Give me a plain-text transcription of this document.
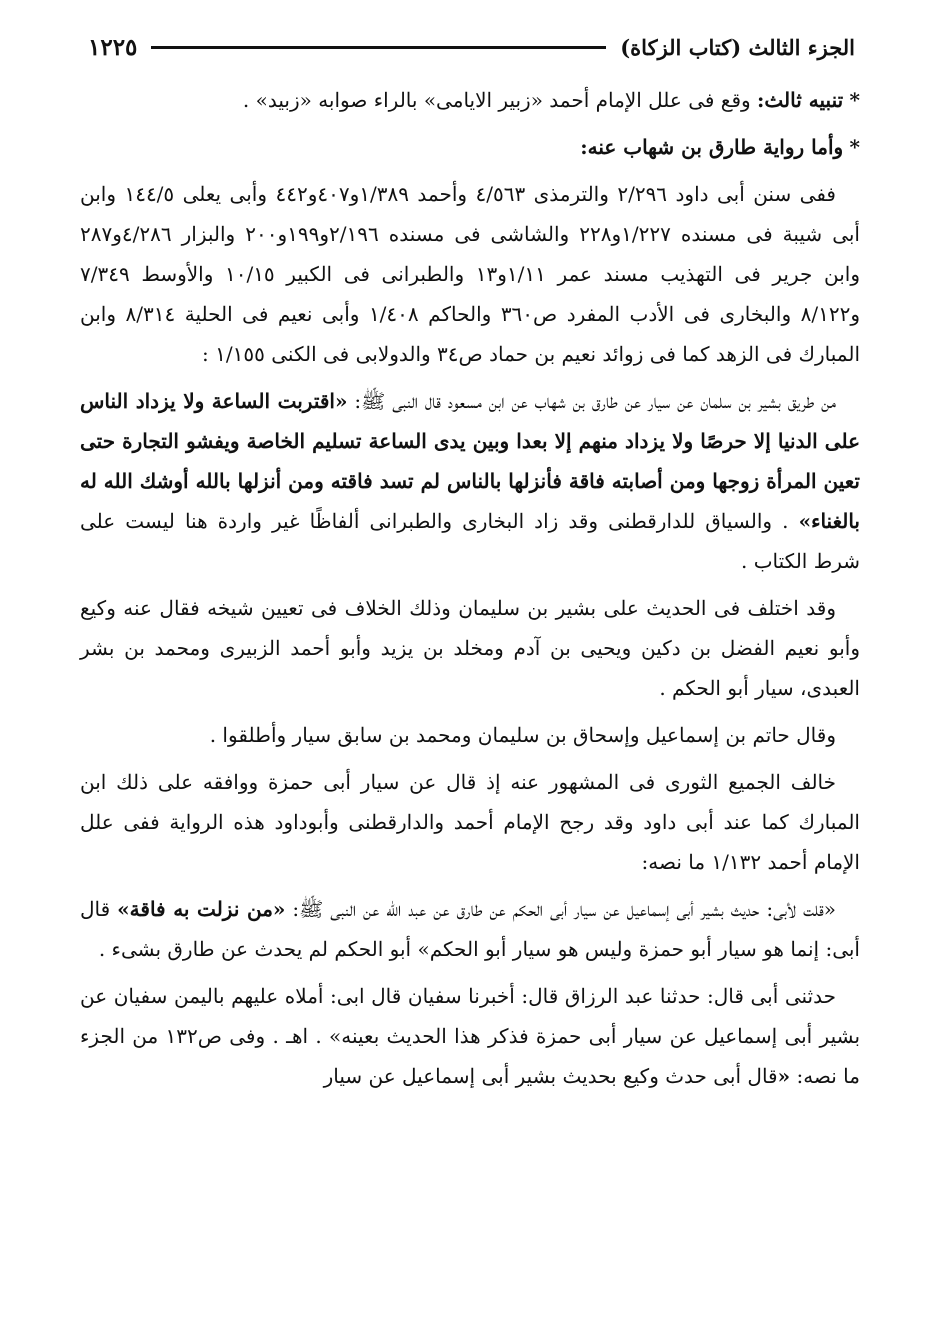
الجزء الثالث (كتاب الزكاة)
١٢٢٥

* تنبيه ثالث: وقع فى علل الإمام أحمد «زبير الايامى» بالراء صوابه «زبيد» .

* وأما رواية طارق بن شهاب عنه:

ففى سنن أبى داود ٢/٢٩٦ والترمذى ٤/٥٦٣ وأحمد ١/٣٨٩و٤٠٧و٤٤٢ وأبى يعلى ١٤٤/٥ وابن أبى شيبة فى مسنده ١/٢٢٧و٢٢٨ والشاشى فى مسنده ٢/١٩٦و١٩٩و٢٠٠ والبزار ٤/٢٨٦و٢٨٧ وابن جرير فى التهذيب مسند عمر ١/١١و١٣ والطبرانى فى الكبير ١٠/١٥ والأوسط ٧/٣٤٩ و٨/١٢٢ والبخارى فى الأدب المفرد ص٣٦٠ والحاكم ١/٤٠٨ وأبى نعيم فى الحلية ٨/٣١٤ وابن المبارك فى الزهد كما فى زوائد نعيم بن حماد ص٣٤ والدولابى فى الكنى ١/١٥٥ :

من طريق بشير بن سلمان عن سيار عن طارق بن شهاب عن ابن مسعود قال النبى ﷺ: «اقتربت الساعة ولا يزداد الناس على الدنيا إلا حرصًا ولا يزداد منهم إلا بعدا وبين يدى الساعة تسليم الخاصة ويفشو التجارة حتى تعين المرأة زوجها ومن أصابته فاقة فأنزلها بالناس لم تسد فاقته ومن أنزلها بالله أوشك الله له بالغناء» . والسياق للدارقطنى وقد زاد البخارى والطبرانى ألفاظًا غير واردة هنا ليست على شرط الكتاب .

وقد اختلف فى الحديث على بشير بن سليمان وذلك الخلاف فى تعيين شيخه فقال عنه وكيع وأبو نعيم الفضل بن دكين ويحيى بن آدم ومخلد بن يزيد وأبو أحمد الزبيرى ومحمد بن بشر العبدى، سيار أبو الحكم .

وقال حاتم بن إسماعيل وإسحاق بن سليمان ومحمد بن سابق سيار وأطلقوا .

خالف الجميع الثورى فى المشهور عنه إذ قال عن سيار أبى حمزة ووافقه على ذلك ابن المبارك كما عند أبى داود وقد رجح الإمام أحمد والدارقطنى وأبوداود هذه الرواية ففى علل الإمام أحمد ١/١٣٢ ما نصه:

«قلت لأبى: حديث بشير أبى إسماعيل عن سيار أبى الحكم عن طارق عن عبد الله عن النبى ﷺ: «من نزلت به فاقة» قال أبى: إنما هو سيار أبو حمزة وليس هو سيار أبو الحكم» أبو الحكم لم يحدث عن طارق بشىء .

حدثنى أبى قال: حدثنا عبد الرزاق قال: أخبرنا سفيان قال ابى: أملاه عليهم باليمن سفيان عن بشير أبى إسماعيل عن سيار أبى حمزة فذكر هذا الحديث بعينه» . اهـ . وفى ص١٣٢ من الجزء ما نصه: «قال أبى حدث وكيع بحديث بشير أبى إسماعيل عن سيار
